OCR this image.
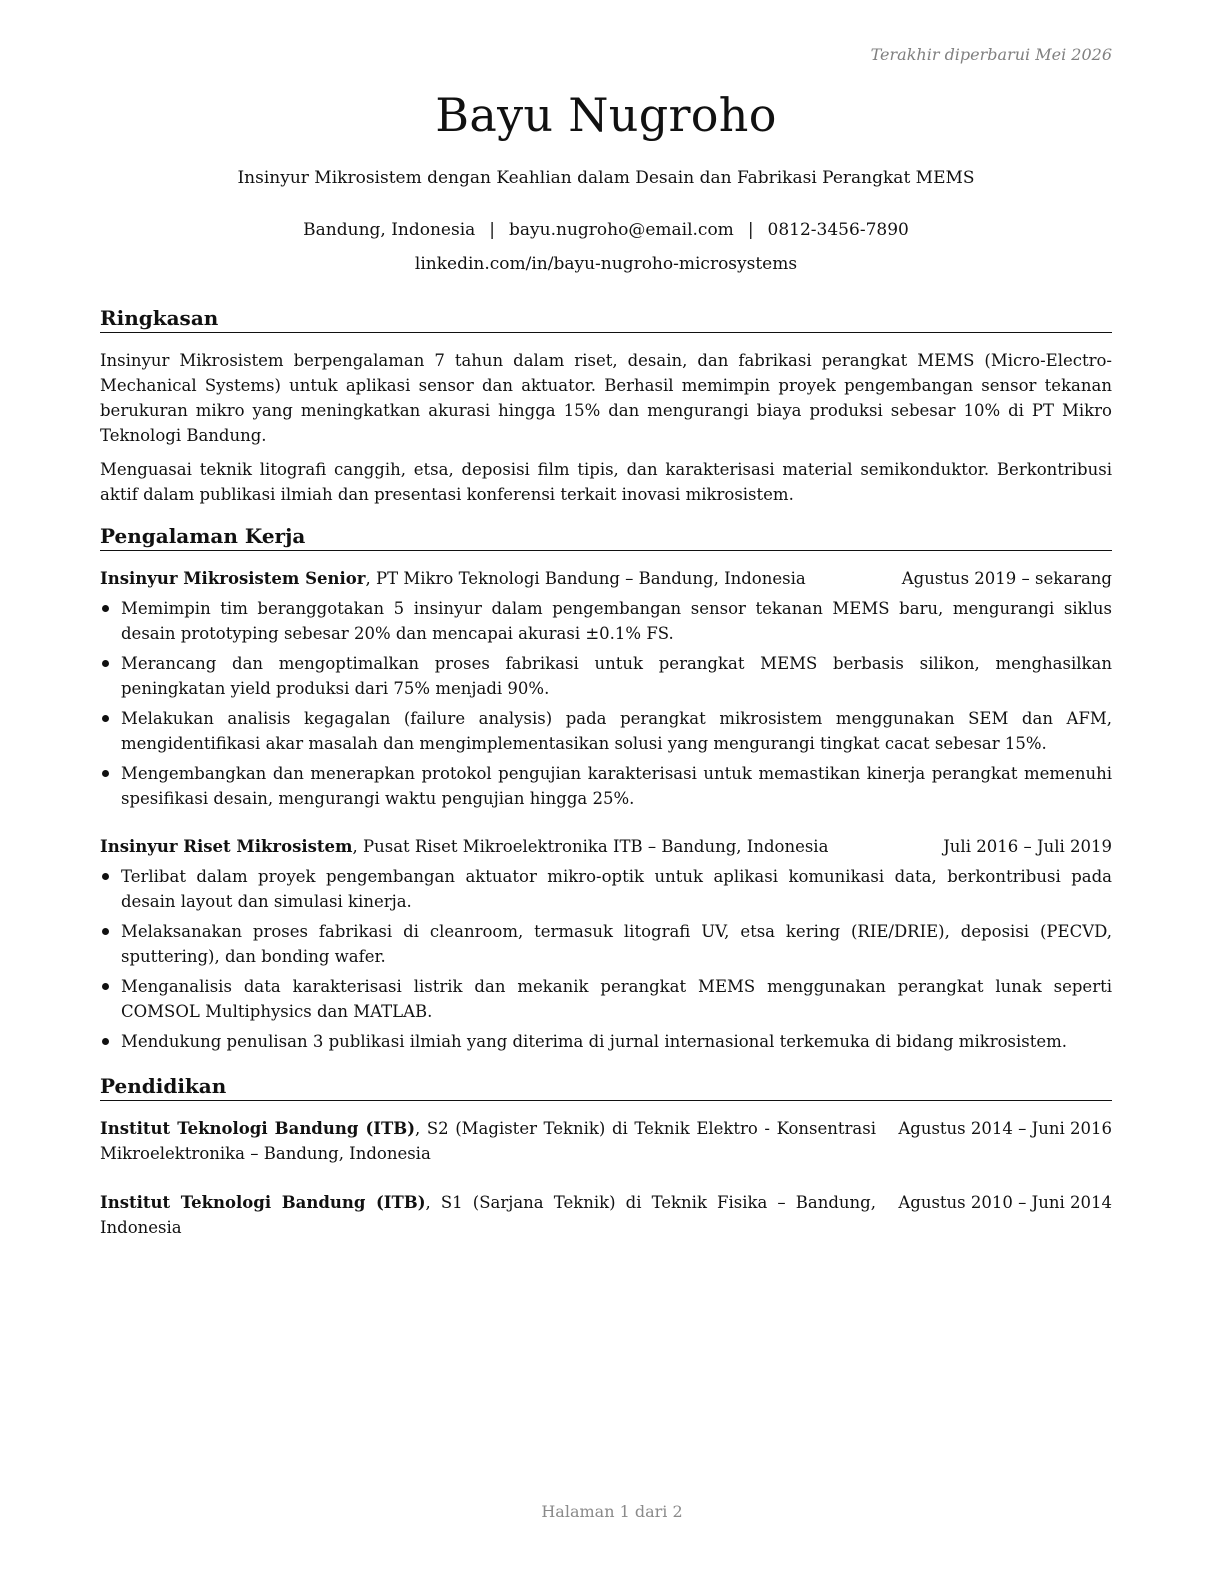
Terakhir diperbarui Mei 2026
Bayu Nugroho
Insinyur Mikrosistem dengan Keahlian dalam Desain dan Fabrikasi Perangkat MEMS
Bandung, Indonesia | bayu.nugroho@email.com | 0812-3456-7890
linkedin.com/in/bayu-nugroho-microsystems
Ringkasan
Insinyur Mikrosistem berpengalaman 7 tahun dalam riset, desain, dan fabrikasi perangkat MEMS (Micro-Electro-Mechanical Systems) untuk aplikasi sensor dan aktuator. Berhasil memimpin proyek pengembangan sensor tekanan berukuran mikro yang meningkatkan akurasi hingga 15% dan mengurangi biaya produksi sebesar 10% di PT Mikro Teknologi Bandung.
Menguasai teknik litografi canggih, etsa, deposisi film tipis, dan karakterisasi material semikonduktor. Berkontribusi aktif dalam publikasi ilmiah dan presentasi konferensi terkait inovasi mikrosistem.
Pengalaman Kerja
Insinyur Mikrosistem Senior, PT Mikro Teknologi Bandung – Bandung, Indonesia	Agustus 2019 – sekarang
Memimpin tim beranggotakan 5 insinyur dalam pengembangan sensor tekanan MEMS baru, mengurangi siklus desain prototyping sebesar 20% dan mencapai akurasi ±0.1% FS.
Merancang dan mengoptimalkan proses fabrikasi untuk perangkat MEMS berbasis silikon, menghasilkan peningkatan yield produksi dari 75% menjadi 90%.
Melakukan analisis kegagalan (failure analysis) pada perangkat mikrosistem menggunakan SEM dan AFM, mengidentifikasi akar masalah dan mengimplementasikan solusi yang mengurangi tingkat cacat sebesar 15%.
Mengembangkan dan menerapkan protokol pengujian karakterisasi untuk memastikan kinerja perangkat memenuhi spesifikasi desain, mengurangi waktu pengujian hingga 25%.
Insinyur Riset Mikrosistem, Pusat Riset Mikroelektronika ITB – Bandung, Indonesia	Juli 2016 – Juli 2019
Terlibat dalam proyek pengembangan aktuator mikro-optik untuk aplikasi komunikasi data, berkontribusi pada desain layout dan simulasi kinerja.
Melaksanakan proses fabrikasi di cleanroom, termasuk litografi UV, etsa kering (RIE/DRIE), deposisi (PECVD, sputtering), dan bonding wafer.
Menganalisis data karakterisasi listrik dan mekanik perangkat MEMS menggunakan perangkat lunak seperti COMSOL Multiphysics dan MATLAB.
Mendukung penulisan 3 publikasi ilmiah yang diterima di jurnal internasional terkemuka di bidang mikrosistem.
Pendidikan
Institut Teknologi Bandung (ITB), S2 (Magister Teknik) di Teknik Elektro - Konsentrasi Mikroelektronika – Bandung, Indonesia
Agustus 2014 – Juni 2016
Institut Teknologi Bandung (ITB), S1 (Sarjana Teknik) di Teknik Fisika – Bandung, Indonesia
Agustus 2010 – Juni 2014
Halaman 1 dari 2
